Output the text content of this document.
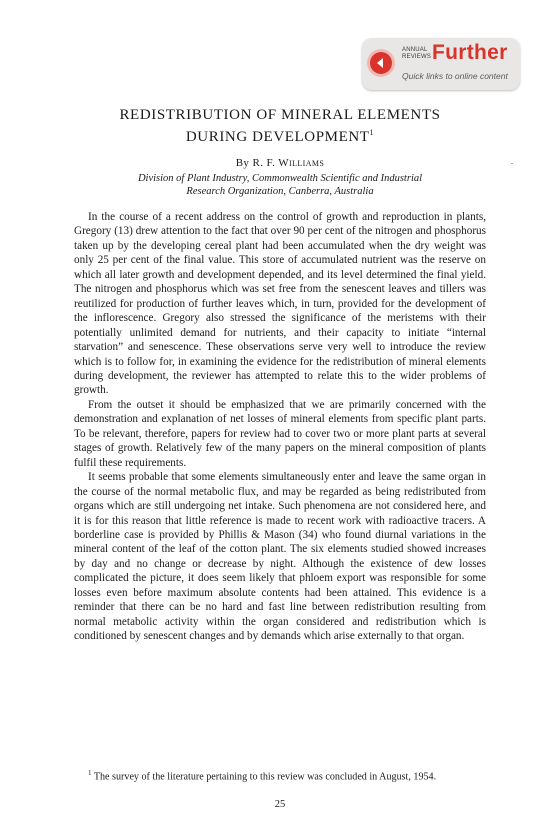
ANNUAL
REVIEWS Further
Quick links to online content
REDISTRIBUTION OF MINERAL ELEMENTS
DURING DEVELOPMENT$^1$
By R. F. Williams
Division of Plant Industry, Commonwealth Scientific and Industrial
Research Organization, Canberra, Australia

In the course of a recent address on the control of growth and reproduction in plants, Gregory (13) drew attention to the fact that over 90 per cent of the nitrogen and phosphorus taken up by the developing cereal plant had been accumulated when the dry weight was only 25 per cent of the final value. This store of accumulated nutrient was the reserve on which all later growth and development depended, and its level determined the final yield. The nitrogen and phosphorus which was set free from the senescent leaves and tillers was reutilized for production of further leaves which, in turn, provided for the development of the inflorescence. Gregory also stressed the significance of the meristems with their potentially unlimited demand for nutrients, and their capacity to initiate “internal starvation” and senescence. These observations serve very well to introduce the review which is to follow for, in examining the evidence for the redistribution of mineral elements during development, the reviewer has attempted to relate this to the wider problems of growth.

From the outset it should be emphasized that we are primarily concerned with the demonstration and explanation of net losses of mineral elements from specific plant parts. To be relevant, therefore, papers for review had to cover two or more plant parts at several stages of growth. Relatively few of the many papers on the mineral composition of plants fulfil these requirements.

It seems probable that some elements simultaneously enter and leave the same organ in the course of the normal metabolic flux, and may be regarded as being redistributed from organs which are still undergoing net intake. Such phenomena are not considered here, and it is for this reason that little reference is made to recent work with radioactive tracers. A borderline case is provided by Phillis & Mason (34) who found diurnal variations in the mineral content of the leaf of the cotton plant. The six elements studied showed increases by day and no change or decrease by night. Although the existence of dew losses complicated the picture, it does seem likely that phloem export was responsible for some losses even before maximum absolute contents had been attained. This evidence is a reminder that there can be no hard and fast line between redistribution resulting from normal metabolic activity within the organ considered and redistribution which is conditioned by senescent changes and by demands which arise externally to that organ.

$^1$ The survey of the literature pertaining to this review was concluded in August, 1954.
25
